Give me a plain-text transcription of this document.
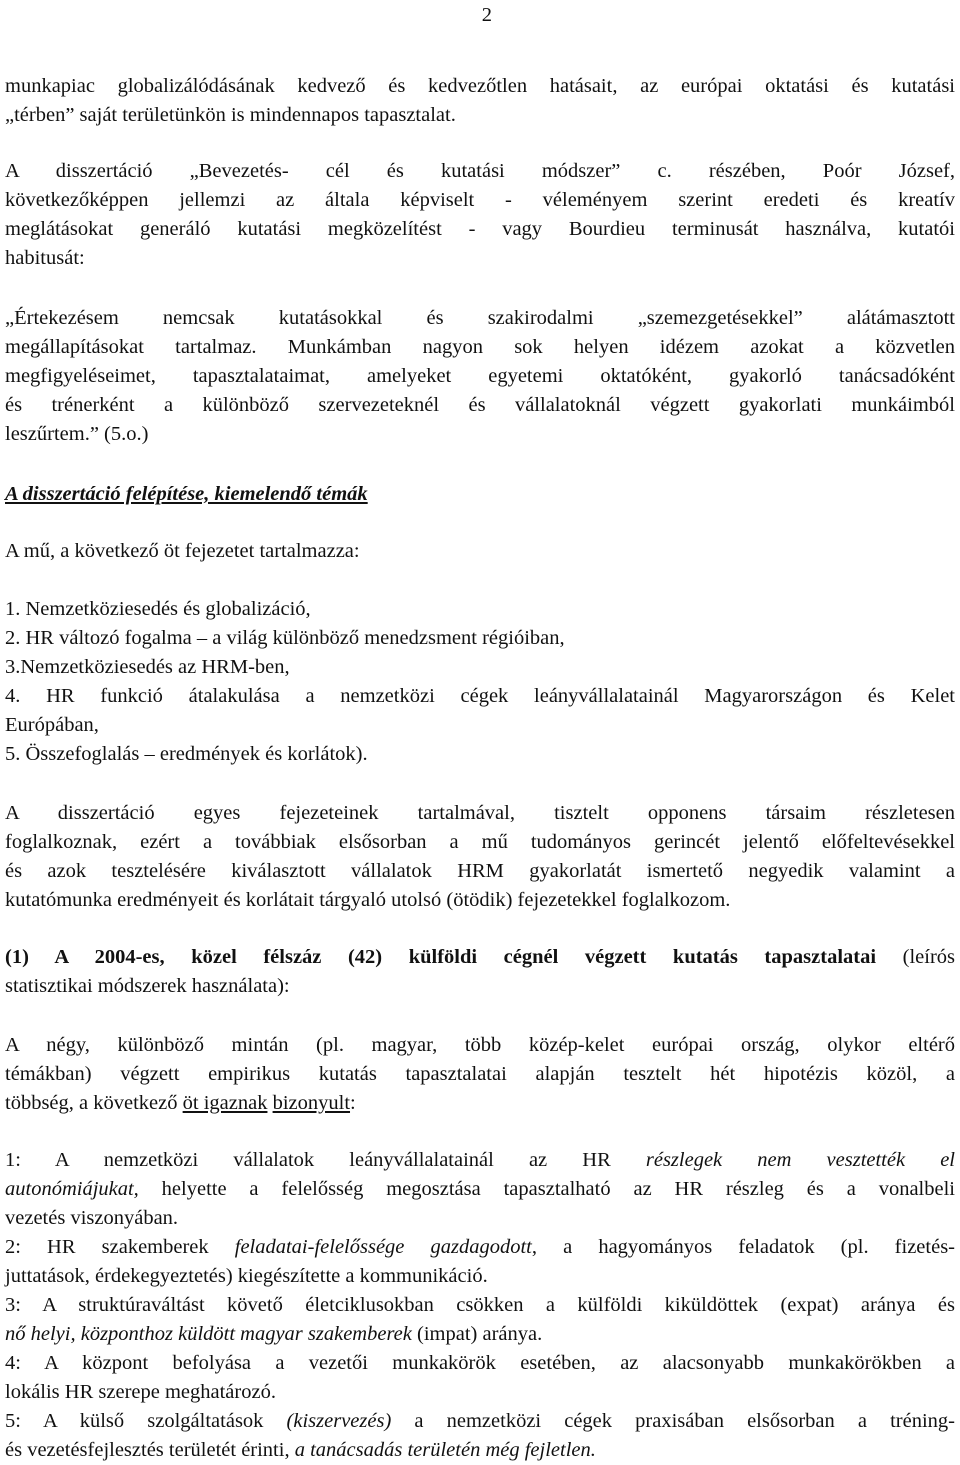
2

munkapiac globalizálódásának kedvező és kedvezőtlen hatásait, az európai oktatási és kutatási

„térben” saját területünkön is mindennapos tapasztalat.

A disszertáció „Bevezetés- cél és kutatási módszer” c. részében, Poór József,

következőképpen jellemzi az általa képviselt - véleményem szerint eredeti és kreatív

meglátásokat generáló kutatási megközelítést - vagy Bourdieu terminusát használva, kutatói

habitusát:

„Értekezésem nemcsak kutatásokkal és szakirodalmi „szemezgetésekkel” alátámasztott

megállapításokat tartalmaz. Munkámban nagyon sok helyen idézem azokat a közvetlen

megfigyeléseimet, tapasztalataimat, amelyeket egyetemi oktatóként, gyakorló tanácsadóként

és trénerként a különböző szervezeteknél és vállalatoknál végzett gyakorlati munkáimból

leszűrtem.” (5.o.)

A disszertáció felépítése, kiemelendő témák

A mű, a következő öt fejezetet tartalmazza:

1. Nemzetköziesedés és globalizáció,

2. HR változó fogalma – a világ különböző menedzsment régióiban,

3.Nemzetköziesedés az HRM-ben,

4. HR funkció átalakulása a nemzetközi cégek leányvállalatainál Magyarországon és Kelet

Európában,

5. Összefoglalás – eredmények és korlátok).

A disszertáció egyes fejezeteinek tartalmával, tisztelt opponens társaim részletesen

foglalkoznak, ezért a továbbiak elsősorban a mű tudományos gerincét jelentő előfeltevésekkel

és azok tesztelésére kiválasztott vállalatok HRM gyakorlatát ismertető negyedik valamint a

kutatómunka eredményeit és korlátait tárgyaló utolsó (ötödik) fejezetekkel foglalkozom.

(1) A 2004-es, közel félszáz (42) külföldi cégnél végzett kutatás tapasztalatai (leírós

statisztikai módszerek használata):

A négy, különböző mintán (pl. magyar, több közép-kelet európai ország, olykor eltérő

témákban) végzett empirikus kutatás tapasztalatai alapján tesztelt hét hipotézis közöl, a

többség, a következő öt igaznak bizonyult:

1: A nemzetközi vállalatok leányvállalatainál az HR részlegek nem vesztették el

autonómiájukat, helyette a felelősség megosztása tapasztalható az HR részleg és a vonalbeli

vezetés viszonyában.

2: HR szakemberek feladatai-felelőssége gazdagodott, a hagyományos feladatok (pl. fizetés-

juttatások, érdekegyeztetés) kiegészítette a kommunikáció.

3: A struktúraváltást követő életciklusokban csökken a külföldi kiküldöttek (expat) aránya és

nő helyi, központhoz küldött magyar szakemberek (impat) aránya.

4: A központ befolyása a vezetői munkakörök esetében, az alacsonyabb munkakörökben a

lokális HR szerepe meghatározó.

5: A külső szolgáltatások (kiszervezés) a nemzetközi cégek praxisában elsősorban a tréning-

és vezetésfejlesztés területét érinti, a tanácsadás területén még fejletlen.
